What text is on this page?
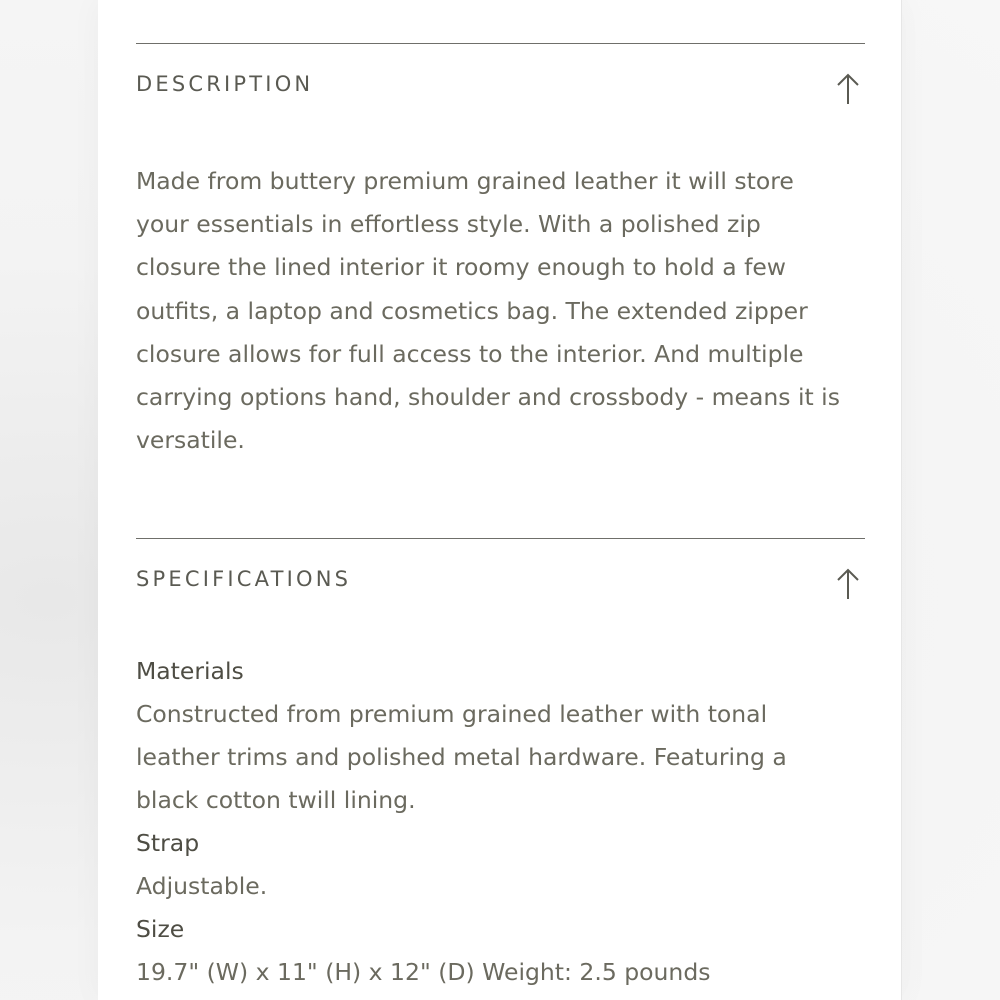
DESCRIPTION
Made from buttery premium grained leather it will store
your essentials in effortless style. With a polished zip
closure the lined interior it roomy enough to hold a few
outfits, a laptop and cosmetics bag. The extended zipper
closure allows for full access to the interior. And multiple
carrying options hand, shoulder and crossbody - means it is
versatile.
SPECIFICATIONS
Materials
Constructed from premium grained leather with tonal
leather trims and polished metal hardware. Featuring a
black cotton twill lining.
Strap
Adjustable.
Size
19.7" (W) x 11" (H) x 12" (D) Weight: 2.5 pounds
